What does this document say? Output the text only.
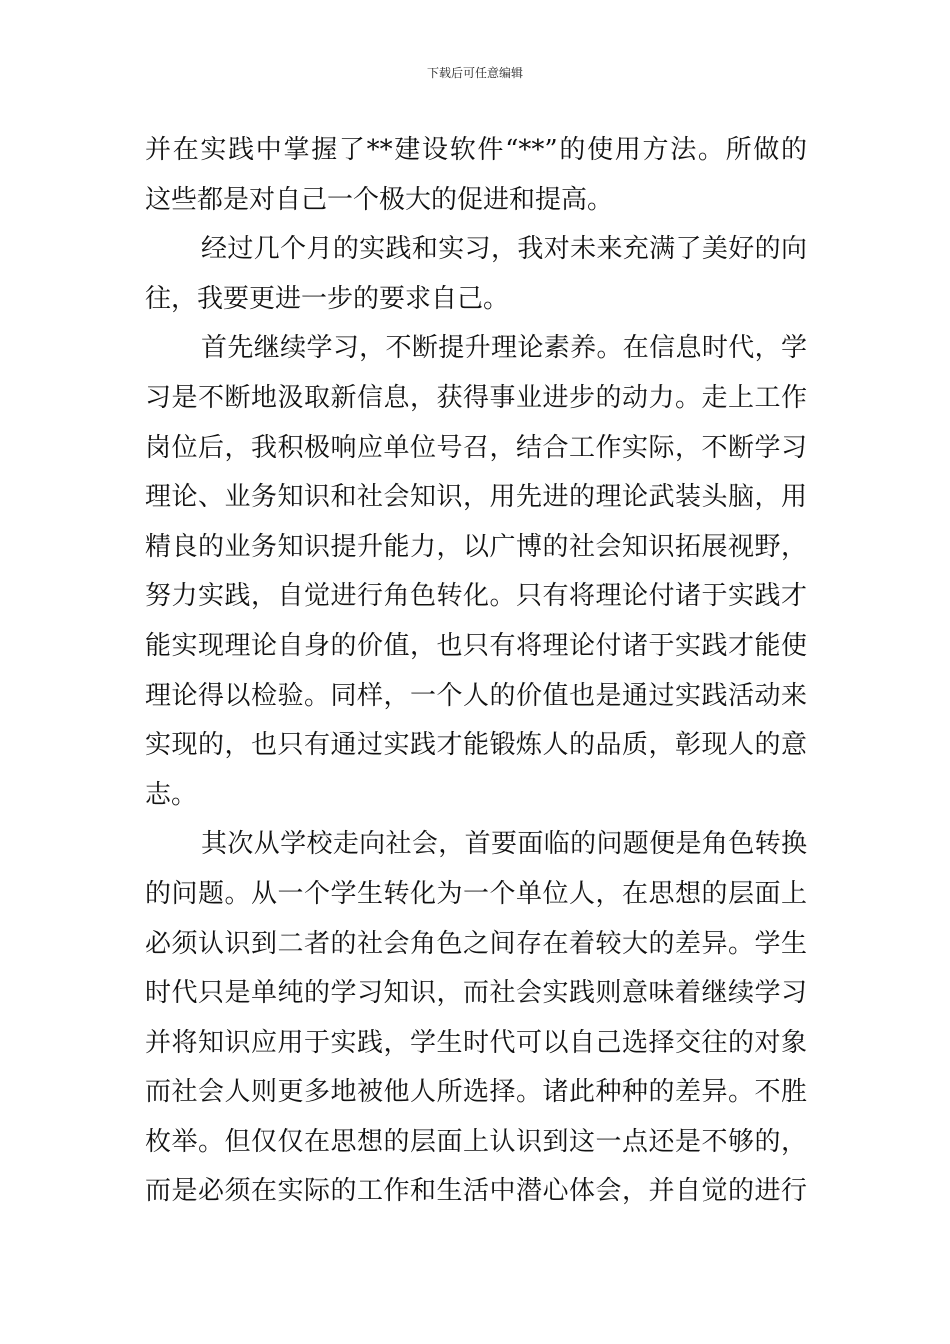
下载后可任意编辑
并在实践中掌握了**建设软件“**”的使用方法。所做的
这些都是对自己一个极大的促进和提高。
经过几个月的实践和实习，我对未来充满了美好的向
往，我要更进一步的要求自己。
首先继续学习，不断提升理论素养。在信息时代，学
习是不断地汲取新信息，获得事业进步的动力。走上工作
岗位后，我积极响应单位号召，结合工作实际，不断学习
理论、业务知识和社会知识，用先进的理论武装头脑，用
精良的业务知识提升能力，以广博的社会知识拓展视野，
努力实践，自觉进行角色转化。只有将理论付诸于实践才
能实现理论自身的价值，也只有将理论付诸于实践才能使
理论得以检验。同样，一个人的价值也是通过实践活动来
实现的，也只有通过实践才能锻炼人的品质，彰现人的意
志。
其次从学校走向社会，首要面临的问题便是角色转换
的问题。从一个学生转化为一个单位人，在思想的层面上
必须认识到二者的社会角色之间存在着较大的差异。学生
时代只是单纯的学习知识，而社会实践则意味着继续学习
并将知识应用于实践，学生时代可以自己选择交往的对象
而社会人则更多地被他人所选择。诸此种种的差异。不胜
枚举。但仅仅在思想的层面上认识到这一点还是不够的，
而是必须在实际的工作和生活中潜心体会，并自觉的进行
